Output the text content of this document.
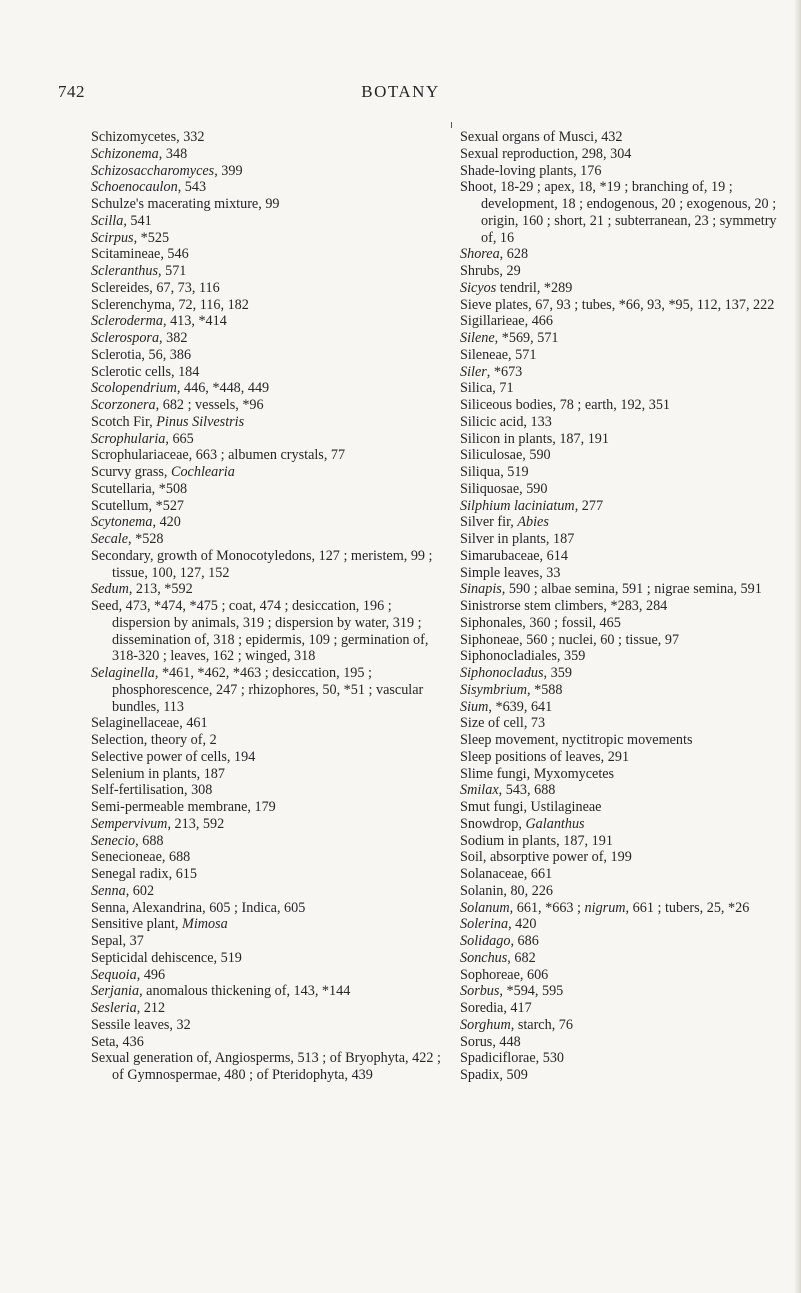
742	BOTANY
Schizomycetes, 332
Schizonema, 348
Schizosaccharomyces, 399
Schoenocaulon, 543
Schulze's macerating mixture, 99
Scilla, 541
Scirpus, *525
Scitamineae, 546
Scleranthus, 571
Sclereides, 67, 73, 116
Sclerenchyma, 72, 116, 182
Scleroderma, 413, *414
Sclerospora, 382
Sclerotia, 56, 386
Sclerotic cells, 184
Scolopendrium, 446, *448, 449
Scorzonera, 682 ; vessels, *96
Scotch Fir, Pinus Silvestris
Scrophularia, 665
Scrophulariaceae, 663 ; albumen crystals, 77
Scurvy grass, Cochlearia
Scutellaria, *508
Scutellum, *527
Scytonema, 420
Secale, *528
Secondary, growth of Monocotyledons, 127 ; meristem, 99 ; tissue, 100, 127, 152
Sedum, 213, *592
Seed, 473, *474, *475 ; coat, 474 ; desiccation, 196 ; dispersion by animals, 319 ; dispersion by water, 319 ; dissemination of, 318 ; epidermis, 109 ; germination of, 318-320 ; leaves, 162 ; winged, 318
Selaginella, *461, *462, *463 ; desiccation, 195 ; phosphorescence, 247 ; rhizophores, 50, *51 ; vascular bundles, 113
Selaginellaceae, 461
Selection, theory of, 2
Selective power of cells, 194
Selenium in plants, 187
Self-fertilisation, 308
Semi-permeable membrane, 179
Sempervivum, 213, 592
Senecio, 688
Senecioneae, 688
Senegal radix, 615
Senna, 602
Senna, Alexandrina, 605 ; Indica, 605
Sensitive plant, Mimosa
Sepal, 37
Septicidal dehiscence, 519
Sequoia, 496
Serjania, anomalous thickening of, 143, *144
Sesleria, 212
Sessile leaves, 32
Seta, 436
Sexual generation of, Angiosperms, 513 ; of Bryophyta, 422 ; of Gymnospermae, 480 ; of Pteridophyta, 439
Sexual organs of Musci, 432
Sexual reproduction, 298, 304
Shade-loving plants, 176
Shoot, 18-29 ; apex, 18, *19 ; branching of, 19 ; development, 18 ; endogenous, 20 ; exogenous, 20 ; origin, 160 ; short, 21 ; subterranean, 23 ; symmetry of, 16
Shorea, 628
Shrubs, 29
Sicyos tendril, *289
Sieve plates, 67, 93 ; tubes, *66, 93, *95, 112, 137, 222
Sigillarieae, 466
Silene, *569, 571
Sileneae, 571
Siler, *673
Silica, 71
Siliceous bodies, 78 ; earth, 192, 351
Silicic acid, 133
Silicon in plants, 187, 191
Siliculosae, 590
Siliqua, 519
Siliquosae, 590
Silphium laciniatum, 277
Silver fir, Abies
Silver in plants, 187
Simarubaceae, 614
Simple leaves, 33
Sinapis, 590 ; albae semina, 591 ; nigrae semina, 591
Sinistrorse stem climbers, *283, 284
Siphonales, 360 ; fossil, 465
Siphoneae, 560 ; nuclei, 60 ; tissue, 97
Siphonocladiales, 359
Siphonocladus, 359
Sisymbrium, *588
Sium, *639, 641
Size of cell, 73
Sleep movement, nyctitropic movements
Sleep positions of leaves, 291
Slime fungi, Myxomycetes
Smilax, 543, 688
Smut fungi, Ustilagineae
Snowdrop, Galanthus
Sodium in plants, 187, 191
Soil, absorptive power of, 199
Solanaceae, 661
Solanin, 80, 226
Solanum, 661, *663 ; nigrum, 661 ; tubers, 25, *26
Solerina, 420
Solidago, 686
Sonchus, 682
Sophoreae, 606
Sorbus, *594, 595
Soredia, 417
Sorghum, starch, 76
Sorus, 448
Spadiciflorae, 530
Spadix, 509
